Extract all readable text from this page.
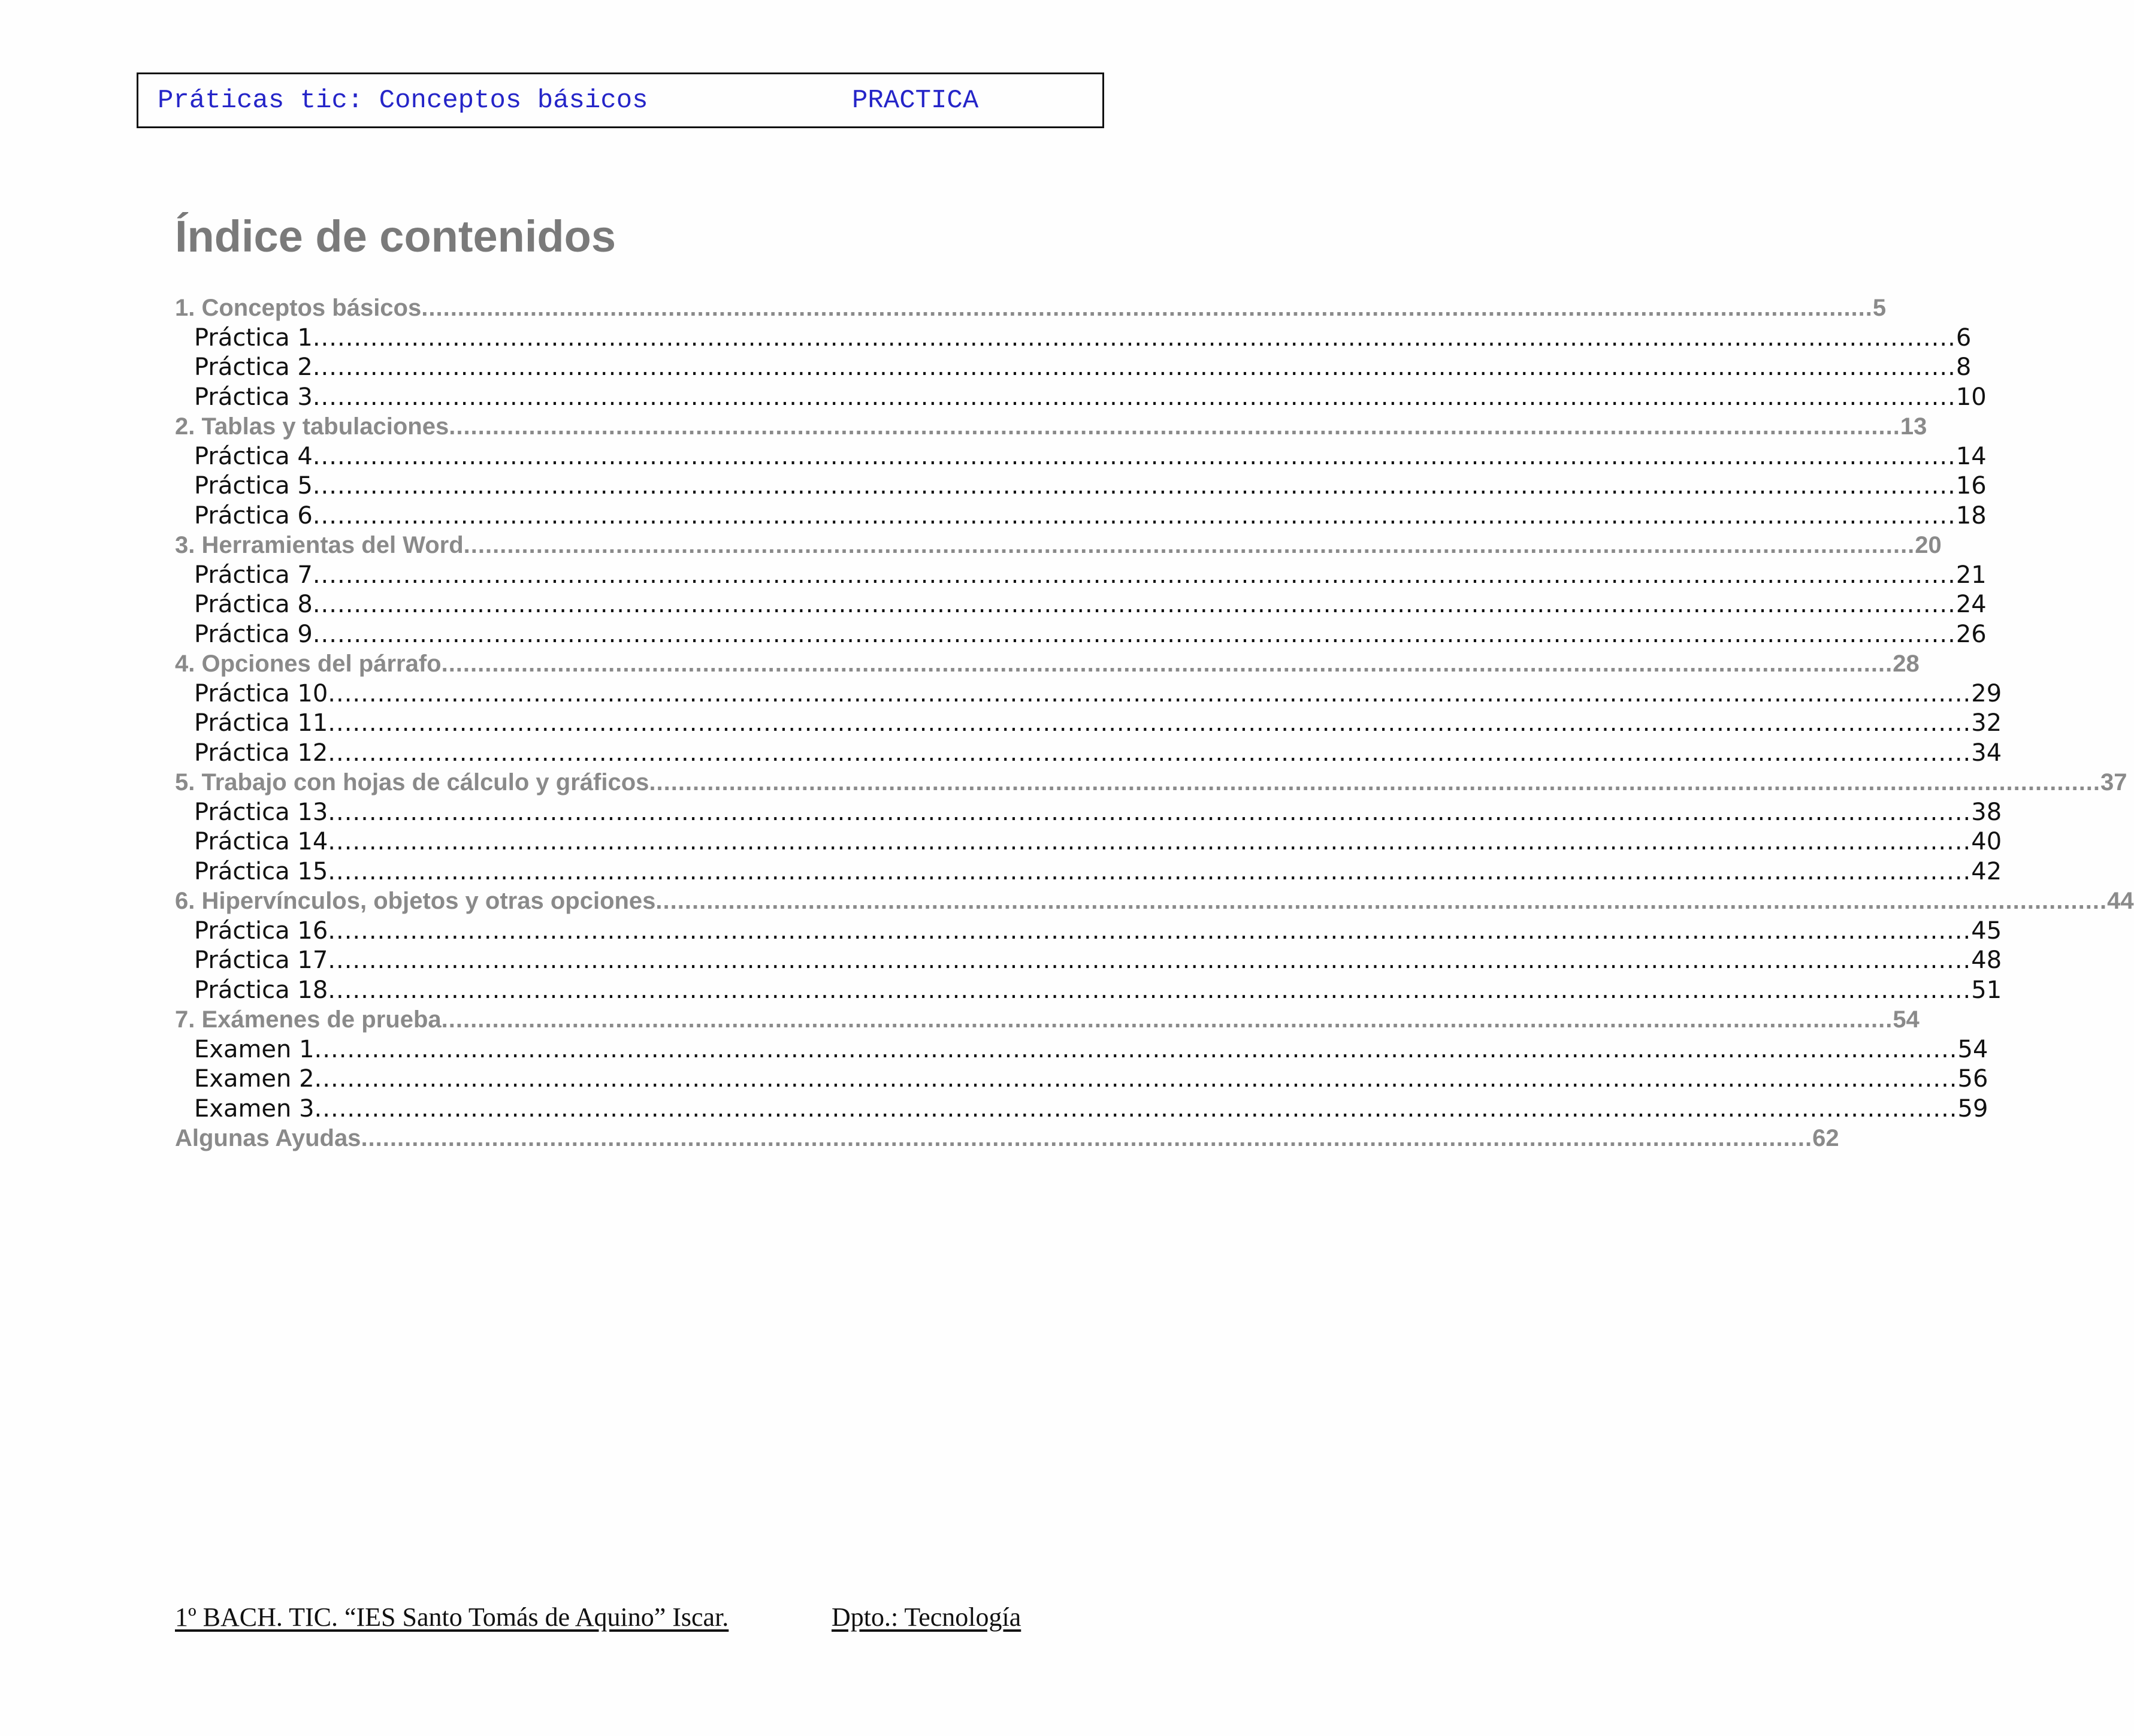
Práticas tic: Conceptos básicos	PRACTICA
Índice de contenidos
1. Conceptos básicos ........................................................................................................................................................................................................ 5
Práctica 1 ........................................................................................................................................................................................................ 6
Práctica 2 ........................................................................................................................................................................................................ 8
Práctica 3 ........................................................................................................................................................................................................ 10
2. Tablas y tabulaciones ........................................................................................................................................................................................................ 13
Práctica 4 ........................................................................................................................................................................................................ 14
Práctica 5 ........................................................................................................................................................................................................ 16
Práctica 6 ........................................................................................................................................................................................................ 18
3. Herramientas del Word ........................................................................................................................................................................................................ 20
Práctica 7 ........................................................................................................................................................................................................ 21
Práctica 8 ........................................................................................................................................................................................................ 24
Práctica 9 ........................................................................................................................................................................................................ 26
4. Opciones del párrafo ........................................................................................................................................................................................................ 28
Práctica 10 ........................................................................................................................................................................................................ 29
Práctica 11 ........................................................................................................................................................................................................ 32
Práctica 12 ........................................................................................................................................................................................................ 34
5. Trabajo con hojas de cálculo y gráficos ........................................................................................................................................................................................................ 37
Práctica 13 ........................................................................................................................................................................................................ 38
Práctica 14 ........................................................................................................................................................................................................ 40
Práctica 15 ........................................................................................................................................................................................................ 42
6. Hipervínculos, objetos y otras opciones ........................................................................................................................................................................................................ 44
Práctica 16 ........................................................................................................................................................................................................ 45
Práctica 17 ........................................................................................................................................................................................................ 48
Práctica 18 ........................................................................................................................................................................................................ 51
7. Exámenes de prueba ........................................................................................................................................................................................................ 54
Examen 1 ........................................................................................................................................................................................................ 54
Examen 2 ........................................................................................................................................................................................................ 56
Examen 3 ........................................................................................................................................................................................................ 59
Algunas Ayudas ........................................................................................................................................................................................................ 62
1º BACH. TIC. “IES Santo Tomás de Aquino” Iscar.	Dpto.: Tecnología
